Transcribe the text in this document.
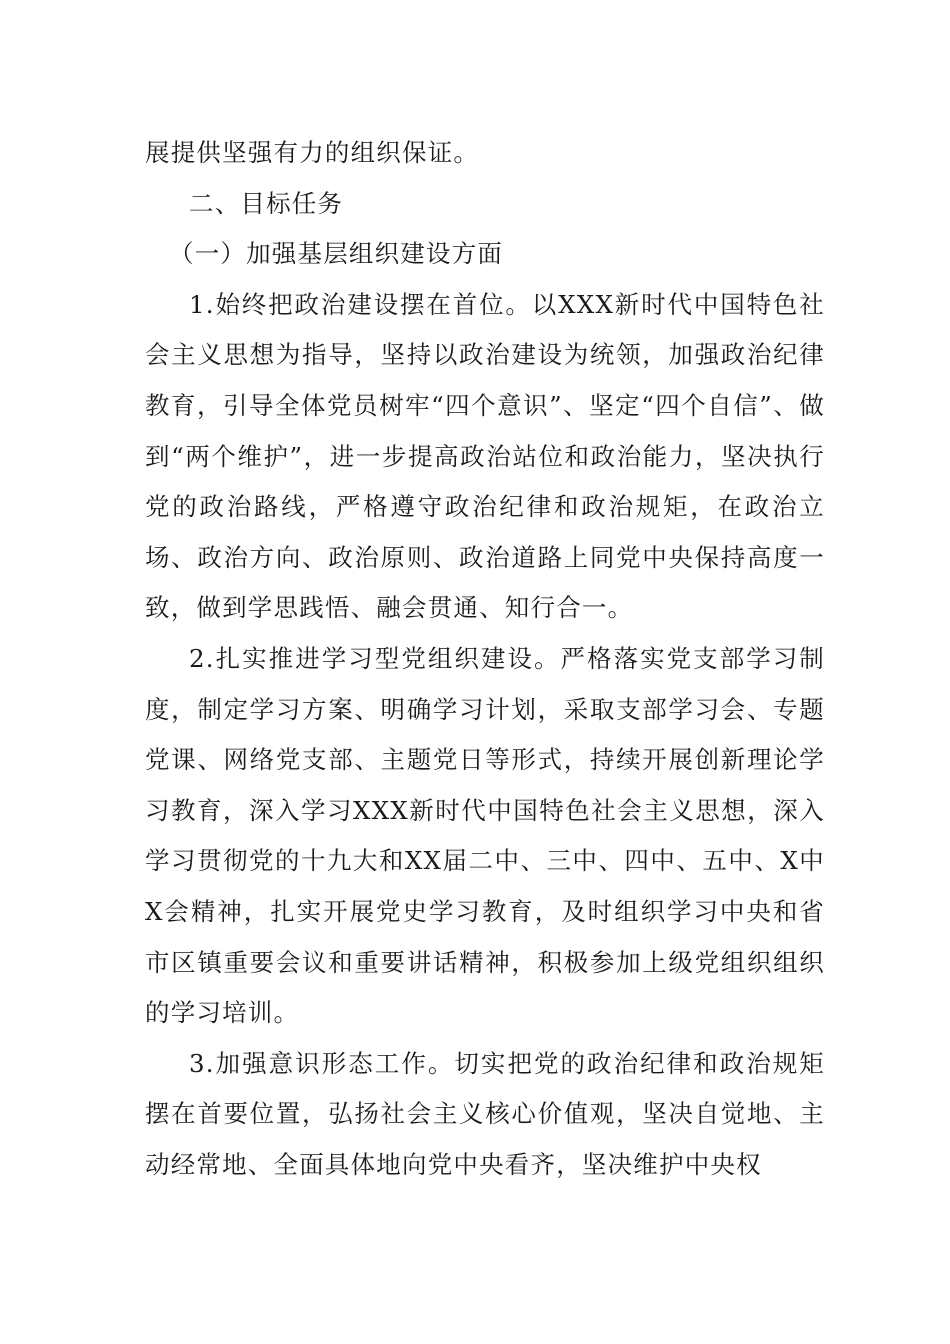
展提供坚强有力的组织保证。

二、目标任务

（一）加强基层组织建设方面

1.始终把政治建设摆在首位。以XXX新时代中国特色社会主义思想为指导，坚持以政治建设为统领，加强政治纪律教育，引导全体党员树牢“四个意识”、坚定“四个自信”、做到“两个维护”，进一步提高政治站位和政治能力，坚决执行党的政治路线，严格遵守政治纪律和政治规矩，在政治立场、政治方向、政治原则、政治道路上同党中央保持高度一致，做到学思践悟、融会贯通、知行合一。

2.扎实推进学习型党组织建设。严格落实党支部学习制度，制定学习方案、明确学习计划，采取支部学习会、专题党课、网络党支部、主题党日等形式，持续开展创新理论学习教育，深入学习XXX新时代中国特色社会主义思想，深入学习贯彻党的十九大和XX届二中、三中、四中、五中、X中X会精神，扎实开展党史学习教育，及时组织学习中央和省市区镇重要会议和重要讲话精神，积极参加上级党组织组织的学习培训。

3.加强意识形态工作。切实把党的政治纪律和政治规矩摆在首要位置，弘扬社会主义核心价值观，坚决自觉地、主动经常地、全面具体地向党中央看齐，坚决维护中央权
